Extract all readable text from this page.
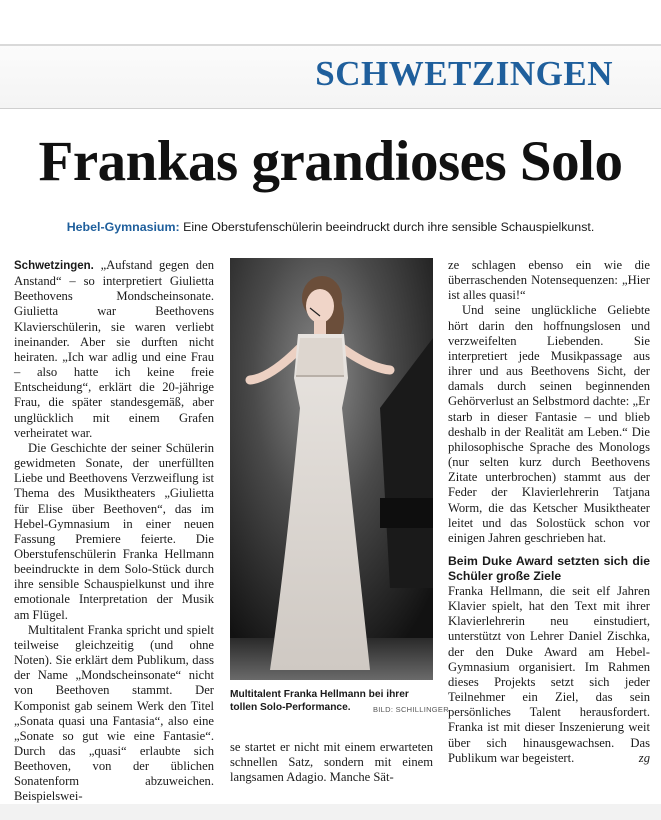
SCHWETZINGEN
Frankas grandioses Solo
Hebel-Gymnasium: Eine Oberstufenschülerin beeindruckt durch ihre sensible Schauspielkunst.

Schwetzingen. „Aufstand gegen den Anstand“ – so interpretiert Giulietta Beethovens Mondscheinsonate. Giulietta war Beethovens Klavierschülerin, sie waren verliebt ineinander. Aber sie durften nicht heiraten. „Ich war adlig und eine Frau – also hatte ich keine freie Entscheidung“, erklärt die 20-jährige Frau, die später standesgemäß, aber unglücklich mit einem Grafen verheiratet war.

Die Geschichte der seiner Schülerin gewidmeten Sonate, der unerfüllten Liebe und Beethovens Verzweiflung ist Thema des Musiktheaters „Giulietta für Elise über Beethoven“, das im Hebel-Gymnasium in einer neuen Fassung Premiere feierte. Die Oberstufenschülerin Franka Hellmann beeindruckte in dem Solo-Stück durch ihre sensible Schauspielkunst und ihre emotionale Interpretation der Musik am Flügel.

Multitalent Franka spricht und spielt teilweise gleichzeitig (und ohne Noten). Sie erklärt dem Publikum, dass der Name „Mondscheinsonate“ nicht von Beethoven stammt. Der Komponist gab seinem Werk den Titel „Sonata quasi una Fantasia“, also eine „Sonate so gut wie eine Fantasie“. Durch das „quasi“ erlaubte sich Beethoven, von der üblichen Sonatenform abzuweichen. Beispielswei-

Multitalent Franka Hellmann bei ihrer tollen Solo-Performance.	BILD: SCHILLINGER

se startet er nicht mit einem erwarteten schnellen Satz, sondern mit einem langsamen Adagio. Manche Sät-

ze schlagen ebenso ein wie die überraschenden Notensequenzen: „Hier ist alles quasi!“

Und seine unglückliche Geliebte hört darin den hoffnungslosen und verzweifelten Liebenden. Sie interpretiert jede Musikpassage aus ihrer und aus Beethovens Sicht, der damals durch seinen beginnenden Gehörverlust an Selbstmord dachte: „Er starb in dieser Fantasie – und blieb deshalb in der Realität am Leben.“ Die philosophische Sprache des Monologs (nur selten kurz durch Beethovens Zitate unterbrochen) stammt aus der Feder der Klavierlehrerin Tatjana Worm, die das Ketscher Musiktheater leitet und das Solostück schon vor einigen Jahren geschrieben hat.

Beim Duke Award setzten sich die Schüler große Ziele

Franka Hellmann, die seit elf Jahren Klavier spielt, hat den Text mit ihrer Klavierlehrerin neu einstudiert, unterstützt von Lehrer Daniel Zischka, der den Duke Award am Hebel-Gymnasium organisiert. Im Rahmen dieses Projekts setzt sich jeder Teilnehmer ein Ziel, das sein persönliches Talent herausfordert. Franka ist mit dieser Inszenierung weit über sich hinausgewachsen. Das Publikum war begeistert.	zg
